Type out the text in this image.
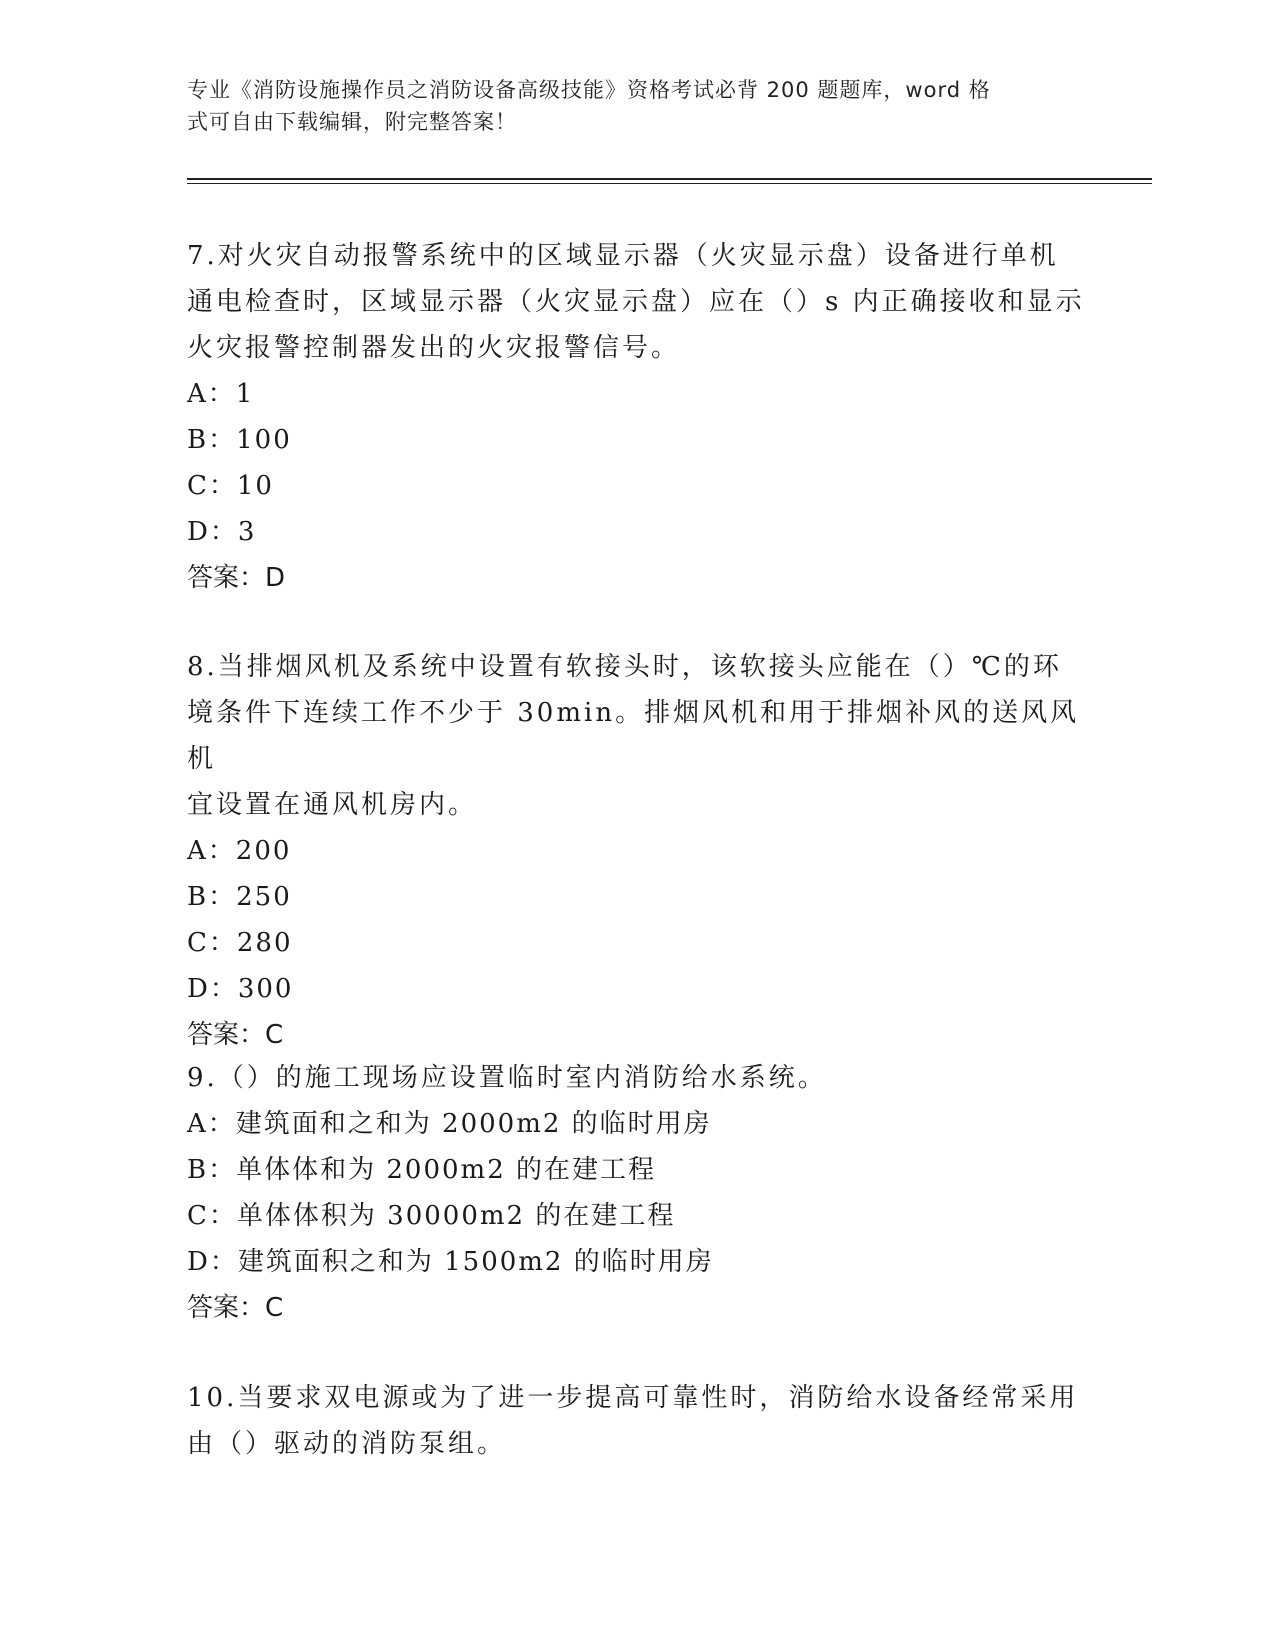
专业《消防设施操作员之消防设备高级技能》资格考试必背 200 题题库，word 格
式可自由下载编辑，附完整答案！

7.对火灾自动报警系统中的区域显示器（火灾显示盘）设备进行单机

通电检查时，区域显示器（火灾显示盘）应在（）s 内正确接收和显示

火灾报警控制器发出的火灾报警信号。

A：1

B：100

C：10

D：3

答案：D

8.当排烟风机及系统中设置有软接头时，该软接头应能在（）℃的环

境条件下连续工作不少于 30min。排烟风机和用于排烟补风的送风风机

宜设置在通风机房内。

A：200

B：250

C：280

D：300

答案：C

9.（）的施工现场应设置临时室内消防给水系统。

A：建筑面和之和为 2000m2 的临时用房

B：单体体和为 2000m2 的在建工程

C：单体体积为 30000m2 的在建工程

D：建筑面积之和为 1500m2 的临时用房

答案：C

10.当要求双电源或为了进一步提高可靠性时，消防给水设备经常采用

由（）驱动的消防泵组。
